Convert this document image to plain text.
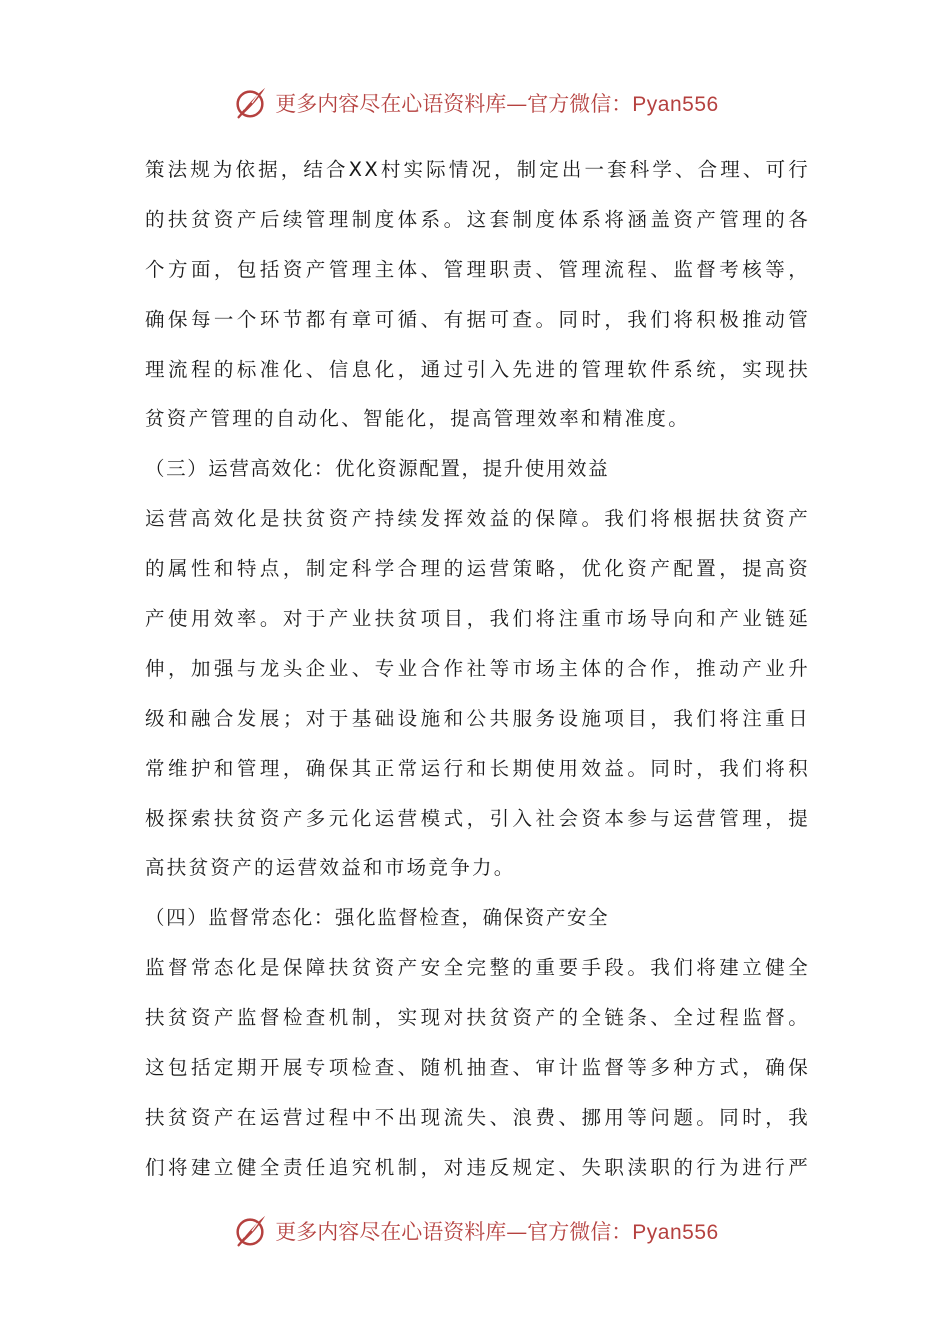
更多内容尽在心语资料库—官方微信：Pyan556
策法规为依据，结合XX村实际情况，制定出一套科学、合理、可行
的扶贫资产后续管理制度体系。这套制度体系将涵盖资产管理的各
个方面，包括资产管理主体、管理职责、管理流程、监督考核等，
确保每一个环节都有章可循、有据可查。同时，我们将积极推动管
理流程的标准化、信息化，通过引入先进的管理软件系统，实现扶
贫资产管理的自动化、智能化，提高管理效率和精准度。
（三）运营高效化：优化资源配置，提升使用效益
运营高效化是扶贫资产持续发挥效益的保障。我们将根据扶贫资产
的属性和特点，制定科学合理的运营策略，优化资产配置，提高资
产使用效率。对于产业扶贫项目，我们将注重市场导向和产业链延
伸，加强与龙头企业、专业合作社等市场主体的合作，推动产业升
级和融合发展；对于基础设施和公共服务设施项目，我们将注重日
常维护和管理，确保其正常运行和长期使用效益。同时，我们将积
极探索扶贫资产多元化运营模式，引入社会资本参与运营管理，提
高扶贫资产的运营效益和市场竞争力。
（四）监督常态化：强化监督检查，确保资产安全
监督常态化是保障扶贫资产安全完整的重要手段。我们将建立健全
扶贫资产监督检查机制，实现对扶贫资产的全链条、全过程监督。
这包括定期开展专项检查、随机抽查、审计监督等多种方式，确保
扶贫资产在运营过程中不出现流失、浪费、挪用等问题。同时，我
们将建立健全责任追究机制，对违反规定、失职渎职的行为进行严
更多内容尽在心语资料库—官方微信：Pyan556
